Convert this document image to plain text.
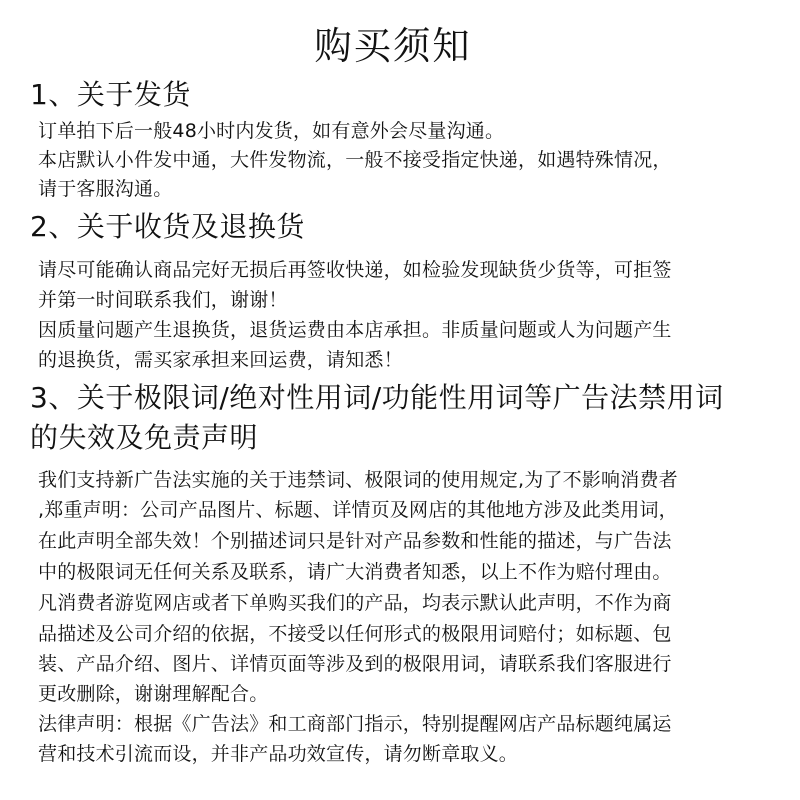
购买须知
1、关于发货
订单拍下后一般48小时内发货，如有意外会尽量沟通。
本店默认小件发中通，大件发物流，一般不接受指定快递，如遇特殊情况，
请于客服沟通。
2、关于收货及退换货
请尽可能确认商品完好无损后再签收快递，如检验发现缺货少货等，可拒签
并第一时间联系我们，谢谢！
因质量问题产生退换货，退货运费由本店承担。非质量问题或人为问题产生
的退换货，需买家承担来回运费，请知悉！
3、关于极限词/绝对性用词/功能性用词等广告法禁用词
的失效及免责声明
我们支持新广告法实施的关于违禁词、极限词的使用规定,为了不影响消费者
,郑重声明：公司产品图片、标题、详情页及网店的其他地方涉及此类用词，
在此声明全部失效！个别描述词只是针对产品参数和性能的描述，与广告法
中的极限词无任何关系及联系，请广大消费者知悉，以上不作为赔付理由。
凡消费者游览网店或者下单购买我们的产品，均表示默认此声明，不作为商
品描述及公司介绍的依据，不接受以任何形式的极限用词赔付；如标题、包
装、产品介绍、图片、详情页面等涉及到的极限用词，请联系我们客服进行
更改删除，谢谢理解配合。
法律声明：根据《广告法》和工商部门指示，特别提醒网店产品标题纯属运
营和技术引流而设，并非产品功效宣传，请勿断章取义。
